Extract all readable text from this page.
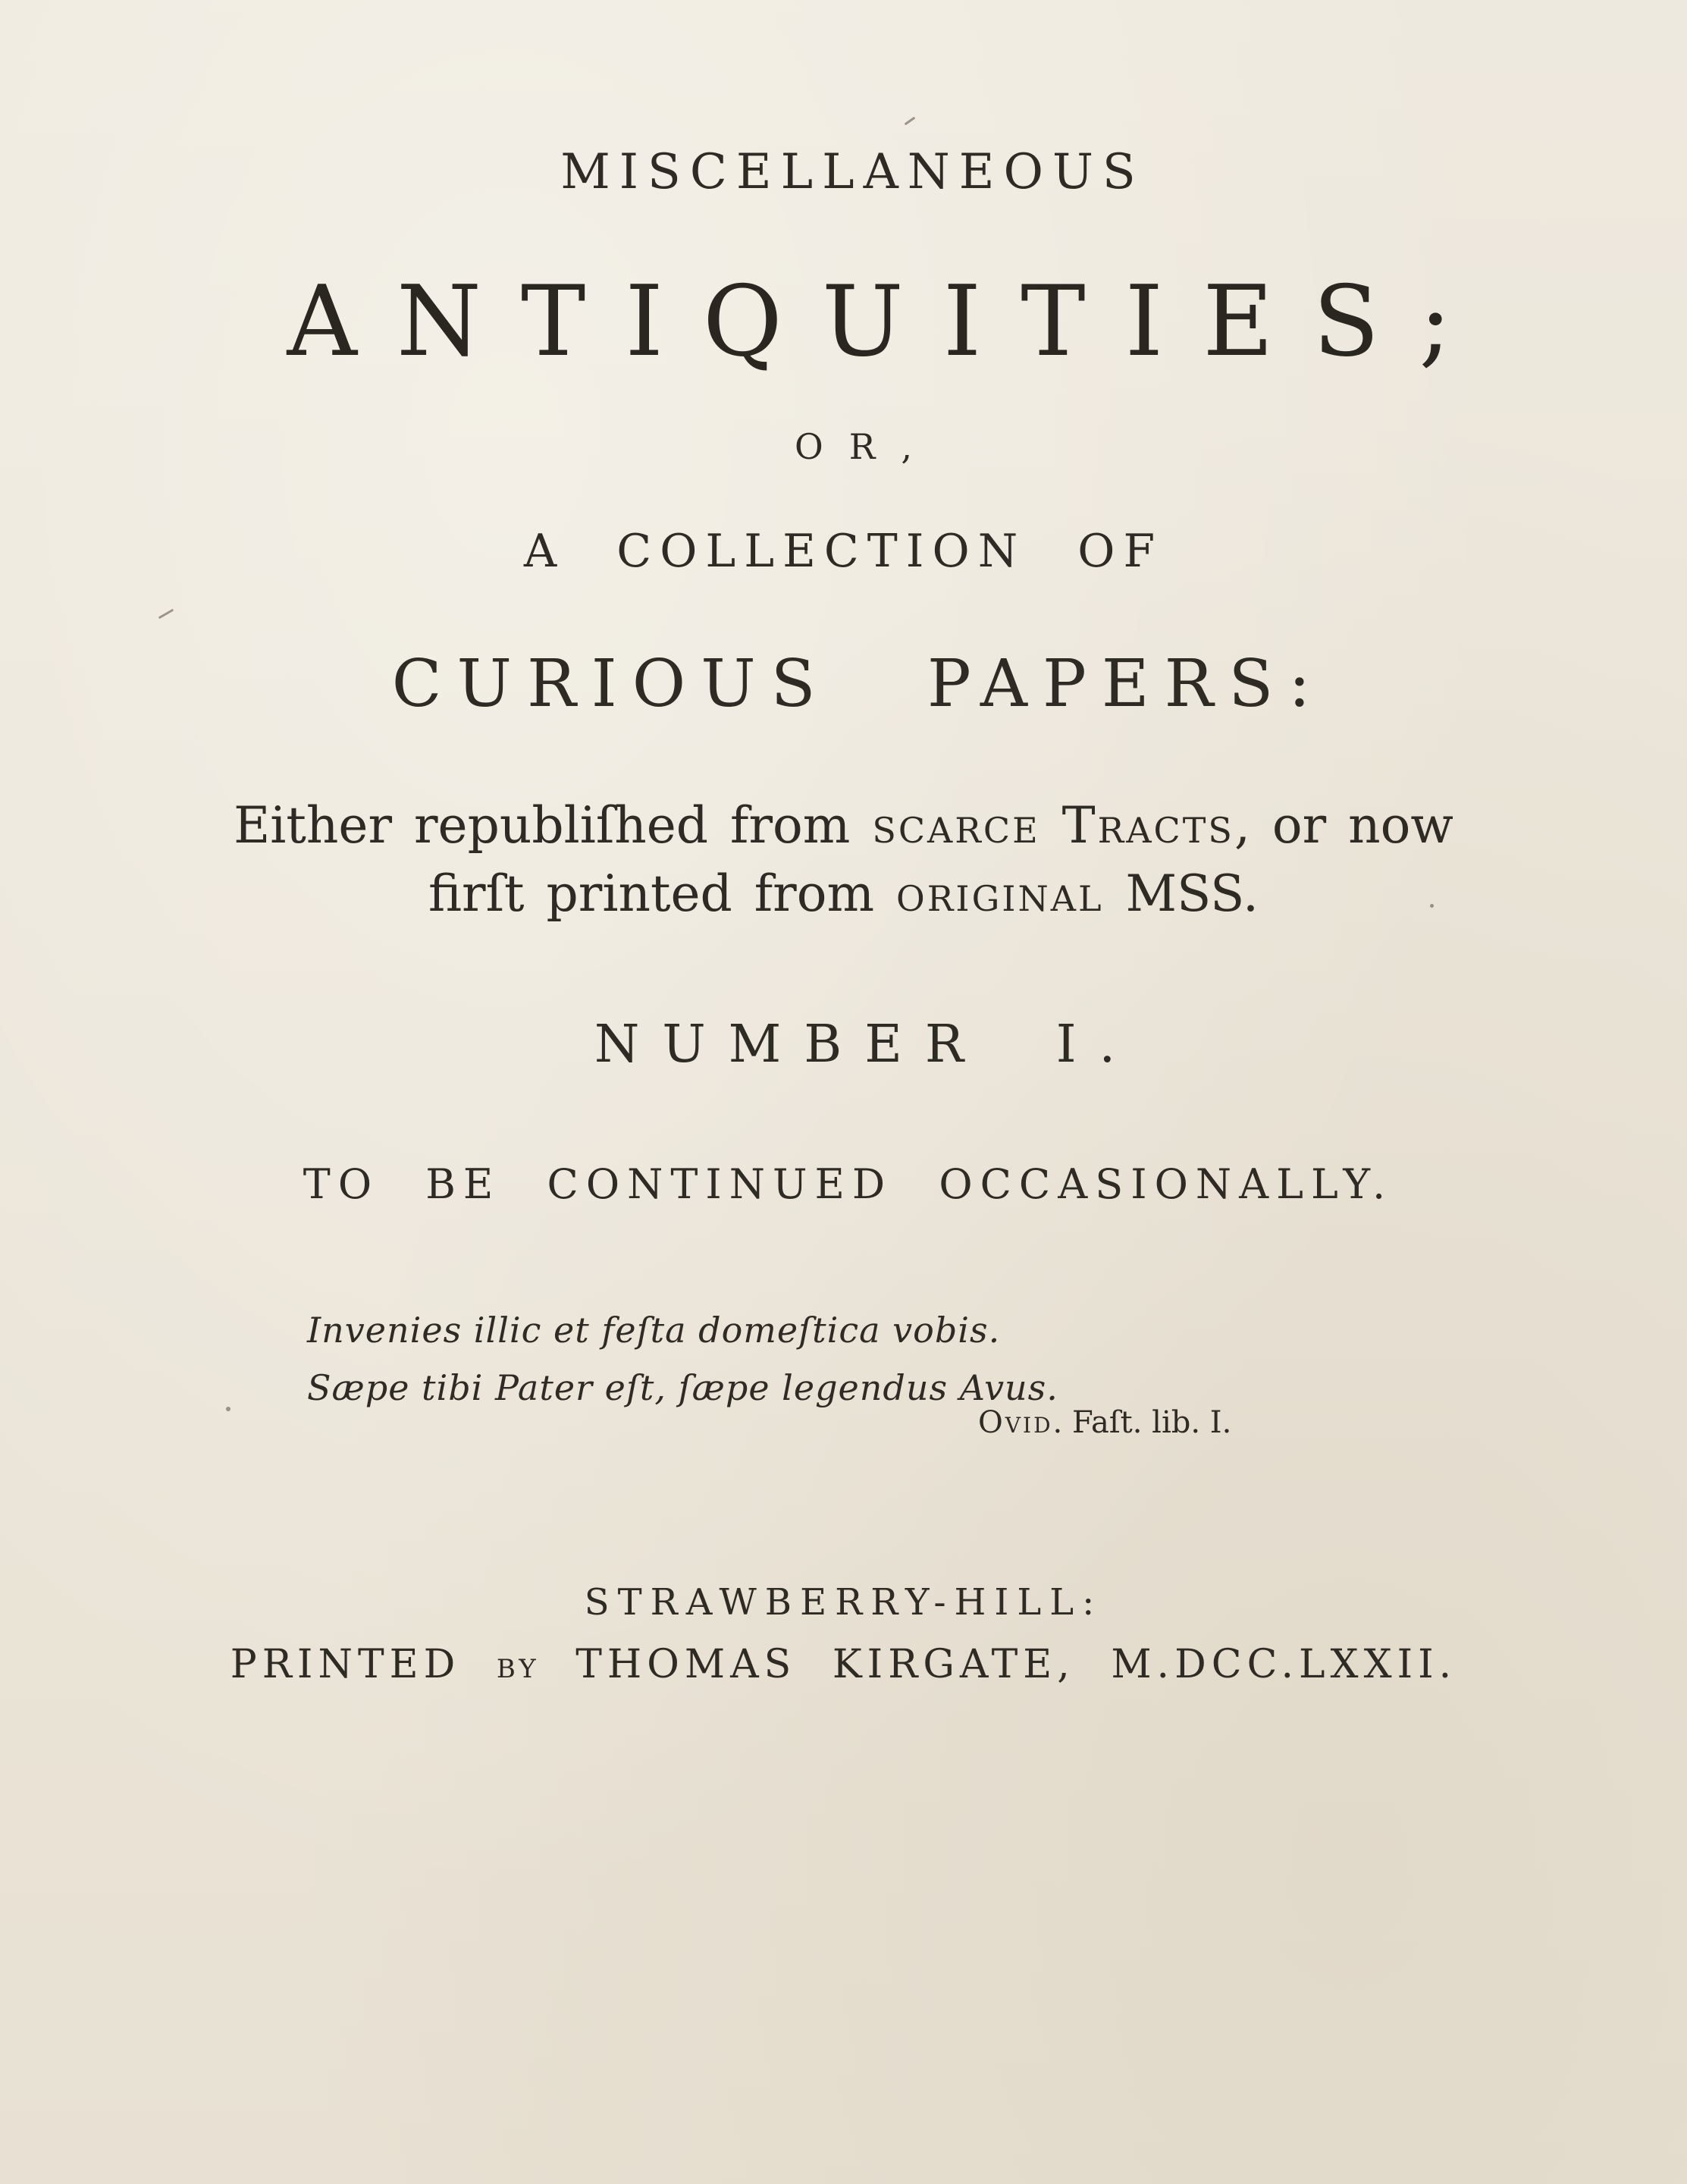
MISCELLANEOUS

ANTIQUITIES;

OR,

A COLLECTION OF

CURIOUS PAPERS:

Either republiſhed from scarce Tracts, or now

firſt printed from original MSS.

NUMBER I.

TO BE CONTINUED OCCASIONALLY.

Invenies illic et feſta domeſtica vobis.

Sæpe tibi Pater eſt, ſæpe legendus Avus.

Ovid. Faſt. lib. I.

STRAWBERRY-HILL:

PRINTED BY THOMAS KIRGATE, M.DCC.LXXII.
